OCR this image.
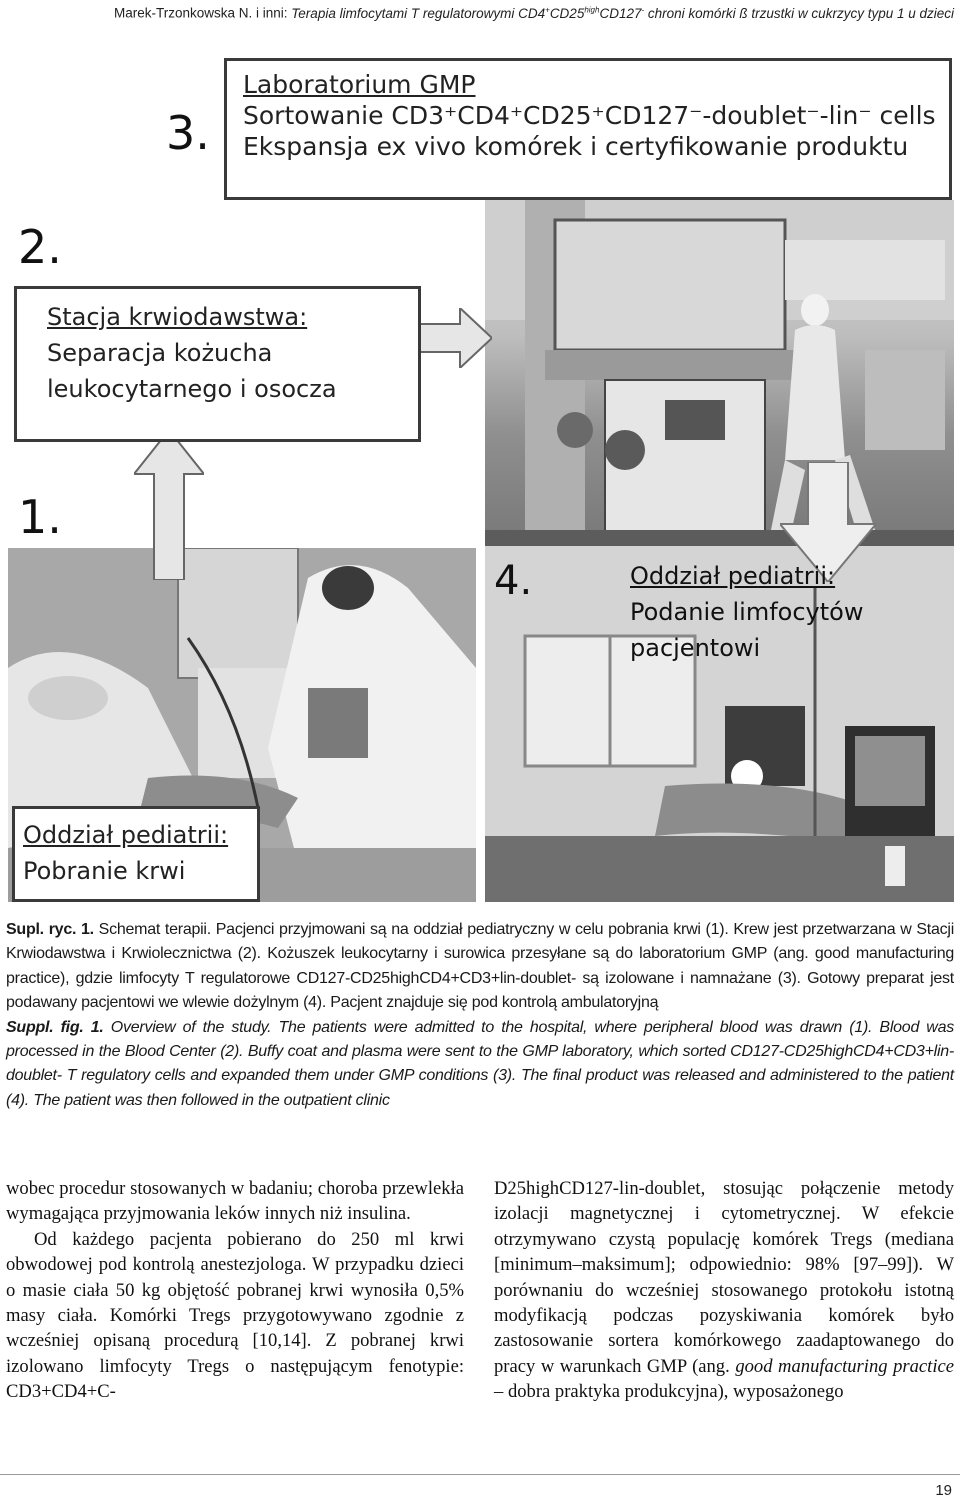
Marek-Trzonkowska N. i inni: Terapia limfocytami T regulatorowymi $CD4^+CD25^{high}CD127^-$ chroni komórki ß trzustki w cukrzycy typu 1 u dzieci
3.
2.
1.
4.
Laboratorium GMP
Sortowanie CD3⁺CD4⁺CD25⁺CD127⁻-doublet⁻-lin⁻ cells
Ekspansja ex vivo komórek i certyfikowanie produktu
Stacja krwiodawstwa:
Separacja kożucha
leukocytarnego i osocza
Oddział pediatrii:
Pobranie krwi
Oddział pediatrii:
Podanie limfocytów
pacjentowi

Supl. ryc. 1. Schemat terapii. Pacjenci przyjmowani są na oddział pediatryczny w celu pobrania krwi (1). Krew jest przetwarzana w Stacji Krwiodawstwa i Krwiolecznictwa (2). Kożuszek leukocytarny i surowica przesyłane są do laboratorium GMP (ang. good manufacturing practice), gdzie limfocyty T regulatorowe CD127-CD25highCD4+CD3+lin-doublet- są izolowane i namnażane (3). Gotowy preparat jest podawany pacjentowi we wlewie dożylnym (4). Pacjent znajduje się pod kontrolą ambulatoryjną

Suppl. fig. 1. Overview of the study. The patients were admitted to the hospital, where peripheral blood was drawn (1). Blood was processed in the Blood Center (2). Buffy coat and plasma were sent to the GMP laboratory, which sorted CD127-CD25highCD4+CD3+lin-doublet- T regulatory cells and expanded them under GMP conditions (3). The final product was released and administered to the patient (4). The patient was then followed in the outpatient clinic

wobec procedur stosowanych w badaniu; choroba przewlekła wymagająca przyjmowania leków innych niż insulina.

Od każdego pacjenta pobierano do 250 ml krwi obwodowej pod kontrolą anestezjologa. W przypadku dzieci o masie ciała 50 kg objętość pobranej krwi wynosiła 0,5% masy ciała. Komórki Tregs przygotowywano zgodnie z wcześniej opisaną procedurą [10,14]. Z pobranej krwi izolowano limfocyty Tregs o następującym fenotypie: CD3+CD4+C-

D25highCD127-lin-doublet, stosując połączenie metody izolacji magnetycznej i cytometrycznej. W efekcie otrzymywano czystą populację komórek Tregs (mediana [minimum–maksimum]; odpowiednio: 98% [97–99]). W porównaniu do wcześniej stosowanego protokołu istotną modyfikacją podczas pozyskiwania komórek było zastosowanie sortera komórkowego zaadaptowanego do pracy w warunkach GMP (ang. good manufacturing practice – dobra praktyka produkcyjna), wyposażonego

19
